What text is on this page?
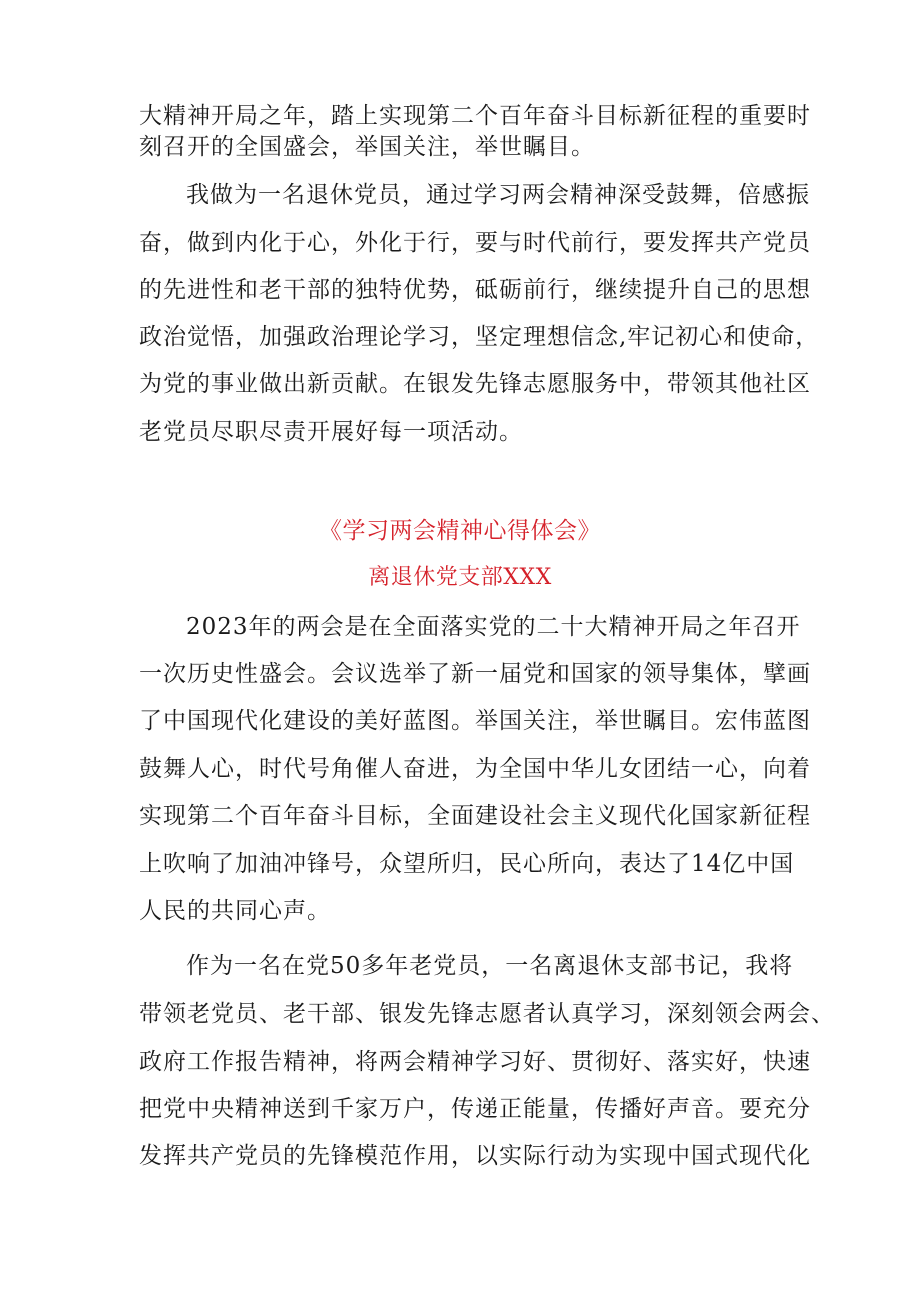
大精神开局之年，踏上实现第二个百年奋斗目标新征程的重要时
刻召开的全国盛会，举国关注，举世瞩目。
我做为一名退休党员，通过学习两会精神深受鼓舞，倍感振
奋，做到内化于心，外化于行，要与时代前行，要发挥共产党员
的先进性和老干部的独特优势，砥砺前行，继续提升自己的思想
政治觉悟，加强政治理论学习，坚定理想信念,牢记初心和使命，
为党的事业做出新贡献。在银发先锋志愿服务中，带领其他社区
老党员尽职尽责开展好每一项活动。
《学习两会精神心得体会》
离退休党支部XXX
2023年的两会是在全面落实党的二十大精神开局之年召开
一次历史性盛会。会议选举了新一届党和国家的领导集体，擘画
了中国现代化建设的美好蓝图。举国关注，举世瞩目。宏伟蓝图
鼓舞人心，时代号角催人奋进，为全国中华儿女团结一心，向着
实现第二个百年奋斗目标，全面建设社会主义现代化国家新征程
上吹响了加油冲锋号，众望所归，民心所向，表达了14亿中国
人民的共同心声。
作为一名在党50多年老党员，一名离退休支部书记，我将
带领老党员、老干部、银发先锋志愿者认真学习，深刻领会两会、
政府工作报告精神，将两会精神学习好、贯彻好、落实好，快速
把党中央精神送到千家万户，传递正能量，传播好声音。要充分
发挥共产党员的先锋模范作用，以实际行动为实现中国式现代化
